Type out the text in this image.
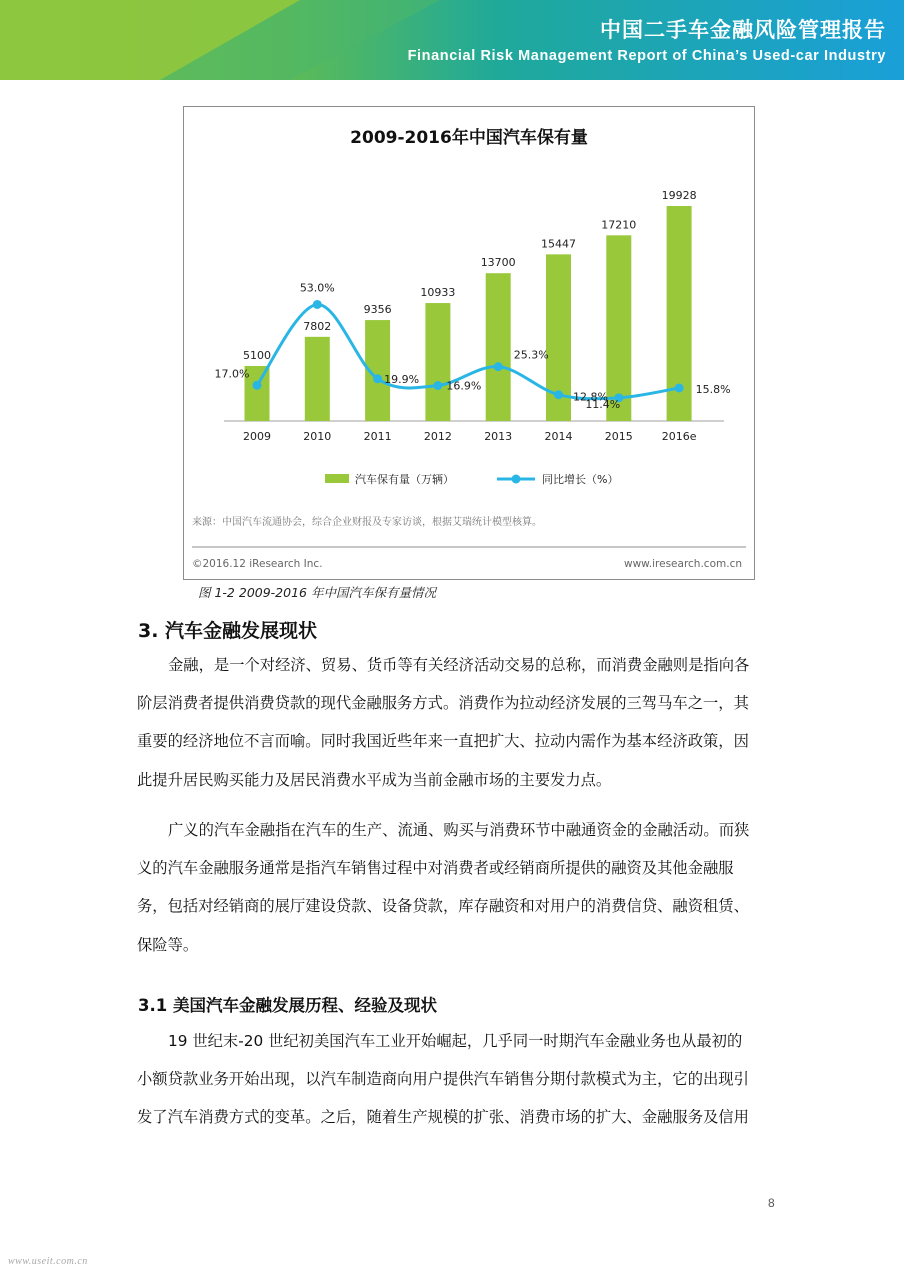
中国二手车金融风险管理报告
Financial Risk Management Report of China’s Used-car Industry
2009-2016年中国汽车保有量
5100
2009
7802
2010
9356
2011
10933
2012
13700
2013
15447
2014
17210
2015
19928
2016e
17.0%
53.0%
19.9%
16.9%
25.3%
12.8%
11.4%
15.8%
汽车保有量（万辆）	同比增长（%）
来源：中国汽车流通协会，综合企业财报及专家访谈，根据艾瑞统计模型核算。
©2016.12 iResearch Inc.	www.iresearch.com.cn
图 1-2 2009-2016 年中国汽车保有量情况
3. 汽车金融发展现状
金融，是一个对经济、贸易、货币等有关经济活动交易的总称，而消费金融则是指向各
阶层消费者提供消费贷款的现代金融服务方式。消费作为拉动经济发展的三驾马车之一，其
重要的经济地位不言而喻。同时我国近些年来一直把扩大、拉动内需作为基本经济政策，因
此提升居民购买能力及居民消费水平成为当前金融市场的主要发力点。
广义的汽车金融指在汽车的生产、流通、购买与消费环节中融通资金的金融活动。而狭
义的汽车金融服务通常是指汽车销售过程中对消费者或经销商所提供的融资及其他金融服
务，包括对经销商的展厅建设贷款、设备贷款，库存融资和对用户的消费信贷、融资租赁、
保险等。
3.1 美国汽车金融发展历程、经验及现状
19 世纪末-20 世纪初美国汽车工业开始崛起，几乎同一时期汽车金融业务也从最初的
小额贷款业务开始出现，以汽车制造商向用户提供汽车销售分期付款模式为主，它的出现引
发了汽车消费方式的变革。之后，随着生产规模的扩张、消费市场的扩大、金融服务及信用
8
www.useit.com.cn
